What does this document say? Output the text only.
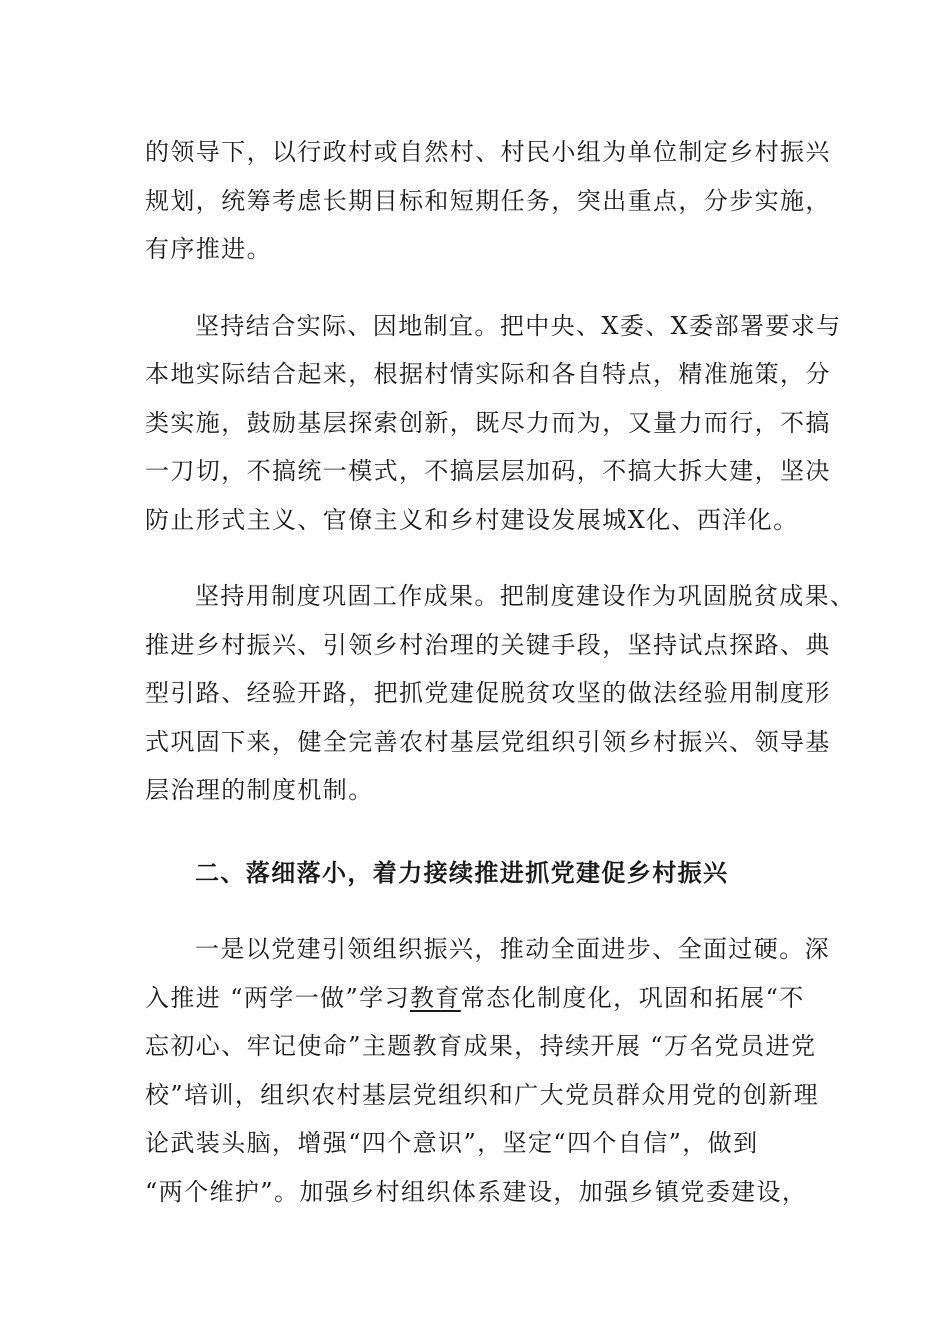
的领导下，以行政村或自然村、村民小组为单位制定乡村振兴
规划，统筹考虑长期目标和短期任务，突出重点，分步实施，
有序推进。

坚持结合实际、因地制宜。把中央、X委、X委部署要求与
本地实际结合起来，根据村情实际和各自特点，精准施策，分
类实施，鼓励基层探索创新，既尽力而为，又量力而行，不搞
一刀切，不搞统一模式，不搞层层加码，不搞大拆大建，坚决
防止形式主义、官僚主义和乡村建设发展城X化、西洋化。

坚持用制度巩固工作成果。把制度建设作为巩固脱贫成果、
推进乡村振兴、引领乡村治理的关键手段，坚持试点探路、典
型引路、经验开路，把抓党建促脱贫攻坚的做法经验用制度形
式巩固下来，健全完善农村基层党组织引领乡村振兴、领导基
层治理的制度机制。

二、落细落小，着力接续推进抓党建促乡村振兴

一是以党建引领组织振兴，推动全面进步、全面过硬。深
入推进 “两学一做”学习教育常态化制度化，巩固和拓展“不
忘初心、牢记使命”主题教育成果，持续开展 “万名党员进党
校”培训，组织农村基层党组织和广大党员群众用党的创新理
论武装头脑，增强“四个意识”，坚定“四个自信”，做到
“两个维护”。加强乡村组织体系建设，加强乡镇党委建设，
